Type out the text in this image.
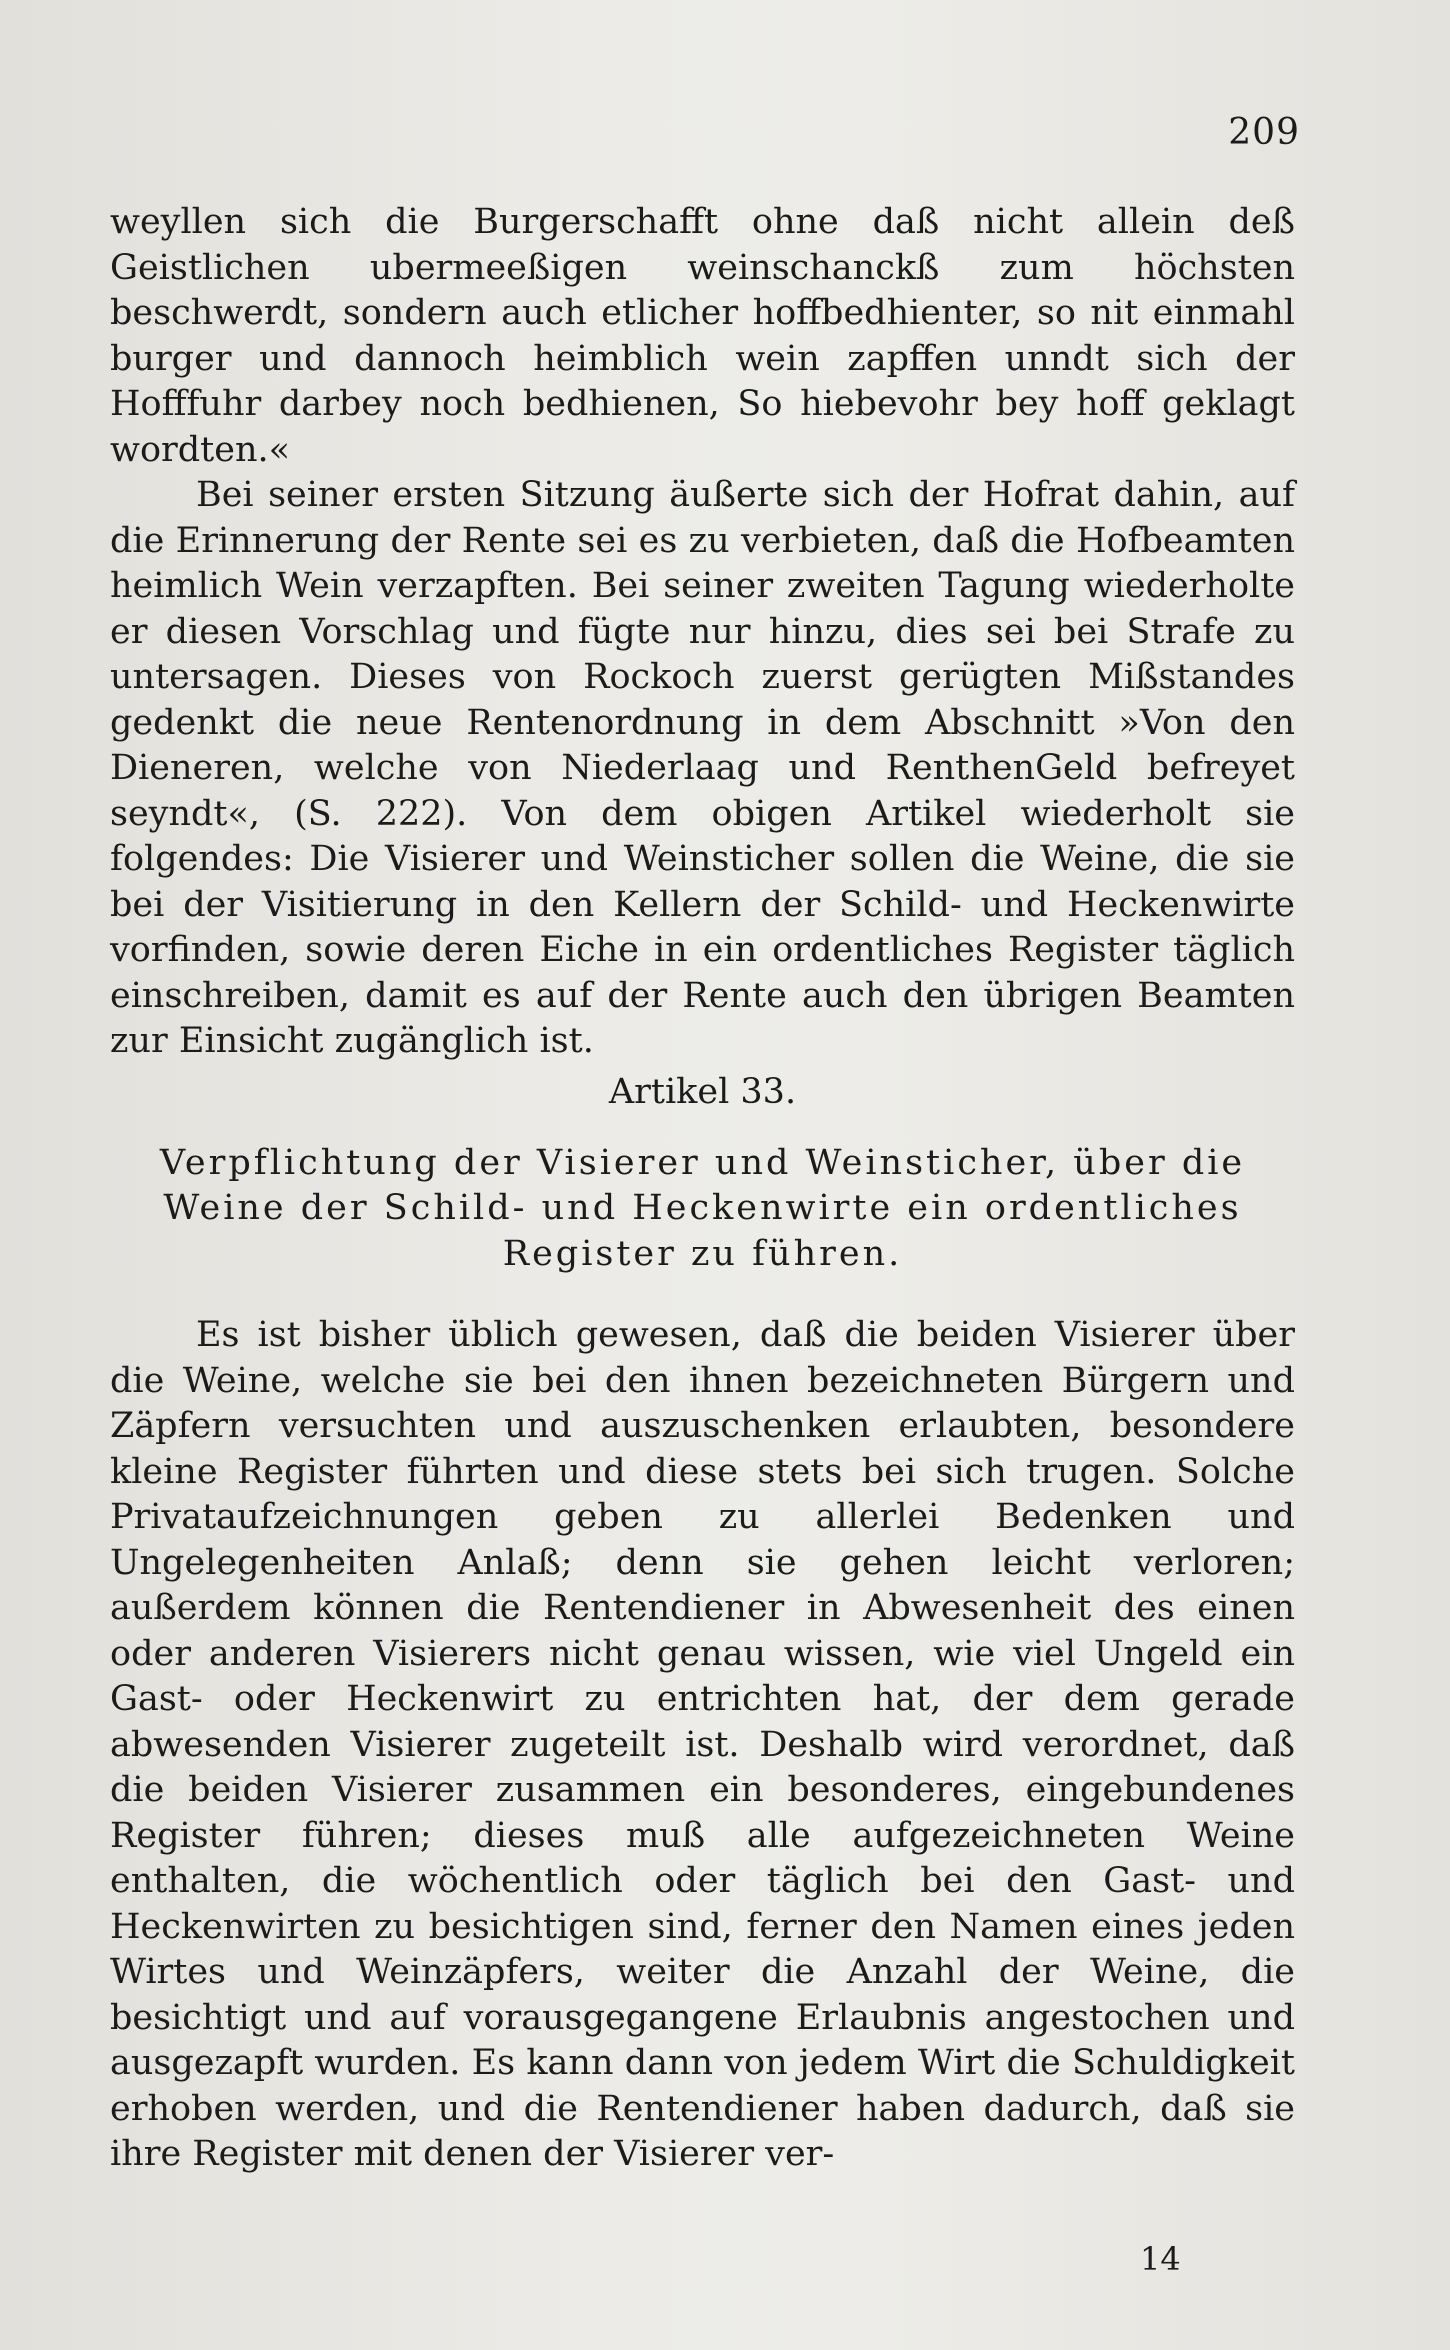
209

weyllen sich die Burgerschafft ohne daß nicht allein deß Geistlichen ubermeeßigen weinschanckß zum höchsten beschwerdt, sondern auch etlicher hoffbedhienter, so nit einmahl burger und dannoch heimblich wein zapffen unndt sich der Hofffuhr darbey noch bedhienen, So hiebevohr bey hoff geklagt wordten.«

Bei seiner ersten Sitzung äußerte sich der Hofrat dahin, auf die Erinnerung der Rente sei es zu verbieten, daß die Hofbeamten heimlich Wein verzapften. Bei seiner zweiten Tagung wiederholte er diesen Vorschlag und fügte nur hinzu, dies sei bei Strafe zu untersagen. Dieses von Rockoch zuerst gerügten Mißstandes gedenkt die neue Rentenordnung in dem Abschnitt »Von den Dieneren, welche von Niederlaag und RenthenGeld befreyet seyndt«, (S. 222). Von dem obigen Artikel wiederholt sie folgendes: Die Visierer und Weinsticher sollen die Weine, die sie bei der Visitierung in den Kellern der Schild- und Heckenwirte vorfinden, sowie deren Eiche in ein ordentliches Register täglich einschreiben, damit es auf der Rente auch den übrigen Beamten zur Einsicht zugänglich ist.

Artikel 33.
Verpflichtung der Visierer und Weinsticher, über die Weine der Schild- und Heckenwirte ein ordentliches Register zu führen.

Es ist bisher üblich gewesen, daß die beiden Visierer über die Weine, welche sie bei den ihnen bezeichneten Bürgern und Zäpfern versuchten und auszuschenken erlaubten, besondere kleine Register führten und diese stets bei sich trugen. Solche Privataufzeichnungen geben zu allerlei Bedenken und Ungelegenheiten Anlaß; denn sie gehen leicht verloren; außerdem können die Rentendiener in Abwesenheit des einen oder anderen Visierers nicht genau wissen, wie viel Ungeld ein Gast- oder Heckenwirt zu entrichten hat, der dem gerade abwesenden Visierer zugeteilt ist. Deshalb wird verordnet, daß die beiden Visierer zusammen ein besonderes, eingebundenes Register führen; dieses muß alle aufgezeichneten Weine enthalten, die wöchentlich oder täglich bei den Gast- und Heckenwirten zu besichtigen sind, ferner den Namen eines jeden Wirtes und Weinzäpfers, weiter die Anzahl der Weine, die besichtigt und auf vorausgegangene Erlaubnis angestochen und ausgezapft wurden. Es kann dann von jedem Wirt die Schuldigkeit erhoben werden, und die Rentendiener haben dadurch, daß sie ihre Register mit denen der Visierer ver-

14
